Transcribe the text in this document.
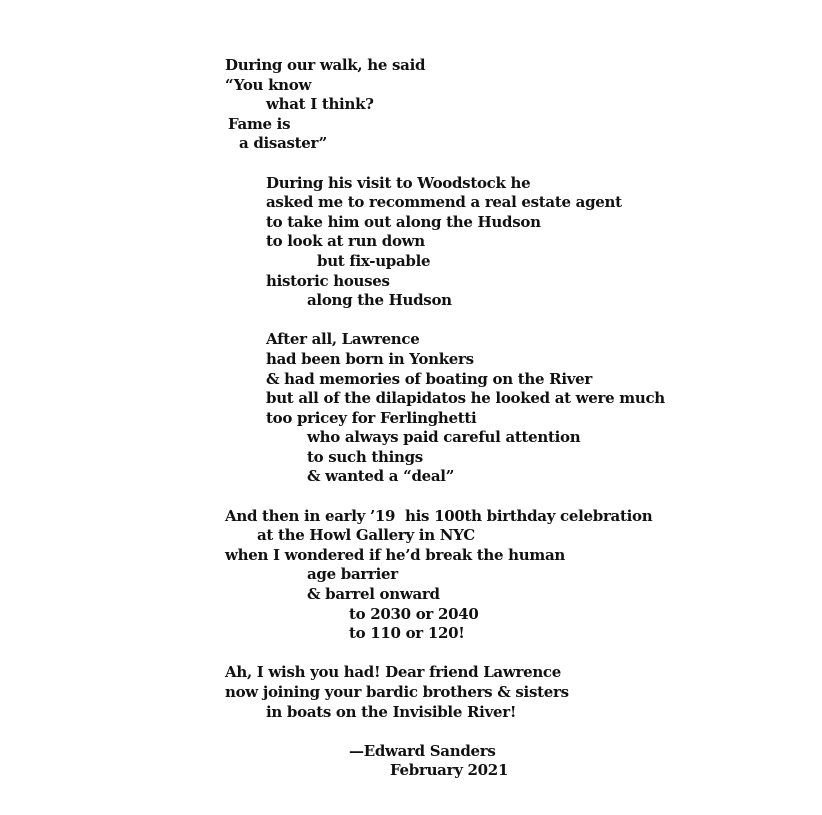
During our walk, he said
“You know
what I think?
Fame is
a disaster”
During his visit to Woodstock he
asked me to recommend a real estate agent
to take him out along the Hudson
to look at run down
but fix-upable
historic houses
along the Hudson
After all, Lawrence
had been born in Yonkers
& had memories of boating on the River
but all of the dilapidatos he looked at were much
too pricey for Ferlinghetti
who always paid careful attention
to such things
& wanted a “deal”
And then in early ’19  his 100th birthday celebration
at the Howl Gallery in NYC
when I wondered if he’d break the human
age barrier
& barrel onward
to 2030 or 2040
to 110 or 120!
Ah, I wish you had! Dear friend Lawrence
now joining your bardic brothers & sisters
in boats on the Invisible River!
—Edward Sanders
February 2021
